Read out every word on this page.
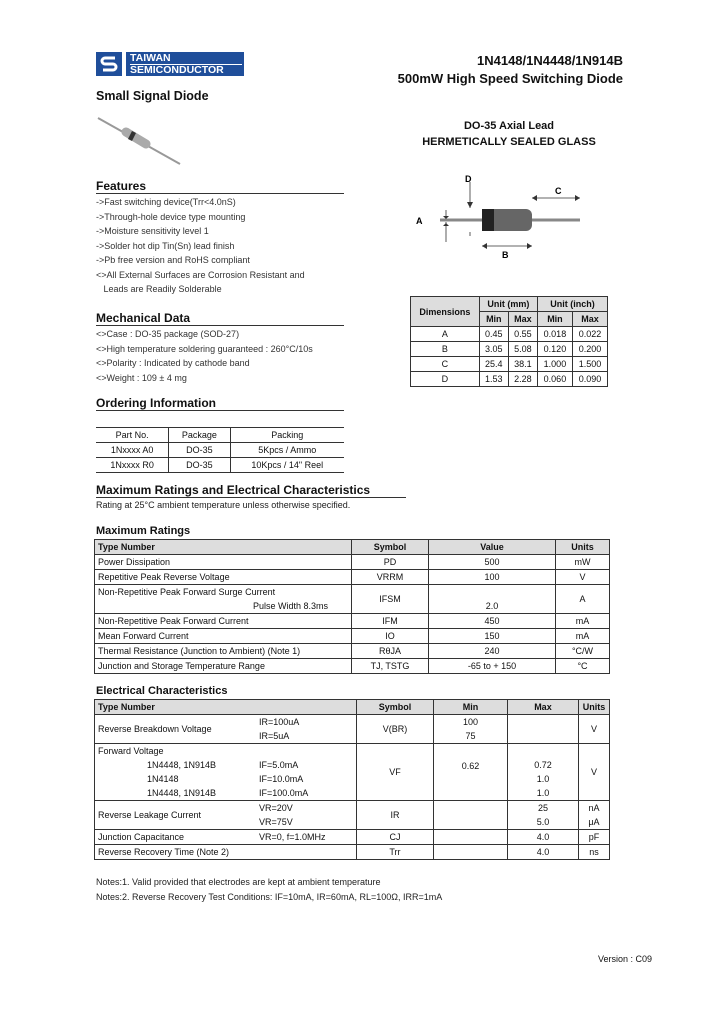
TAIWAN
SEMICONDUCTOR
1N4148/1N4448/1N914B
500mW High Speed Switching Diode
Small Signal Diode
DO-35 Axial Lead
HERMETICALLY SEALED GLASS
D
C
A
B
Dimensions	Unit (mm)		Unit (inch)	
	Min	Max	Min	Max
A	0.45	0.55	0.018	0.022
B	3.05	5.08	0.120	0.200
C	25.4	38.1	1.000	1.500
D	1.53	2.28	0.060	0.090
Features
->Fast switching device(Trr<4.0nS)
->Through-hole device type mounting
->Moisture sensitivity level 1
->Solder hot dip Tin(Sn) lead finish
->Pb free version and RoHS compliant
<>All External Surfaces are Corrosion Resistant and
Leads are Readily Solderable
Mechanical Data
<>Case : DO-35 package (SOD-27)
<>High temperature soldering guaranteed : 260°C/10s
<>Polarity : Indicated by cathode band
<>Weight : 109 ± 4 mg
Ordering Information
Part No.	Package	Packing
1Nxxxx A0	DO-35	5Kpcs / Ammo
1Nxxxx R0	DO-35	10Kpcs / 14" Reel
Maximum Ratings and Electrical Characteristics
Rating at 25°C ambient temperature unless otherwise specified.
Maximum Ratings
Type Number	Symbol	Value	Units
Power Dissipation	PD	500	mW
Repetitive Peak Reverse Voltage	VRRM	100	V

Non-Repetitive Peak Forward Surge Current
Pulse Width 8.3ms	IFSM	2.0	A
Non-Repetitive Peak Forward Current	IFM	450	mA
Mean Forward Current	IO	150	mA
Thermal Resistance (Junction to Ambient) (Note 1)	RθJA	240	°C/W
Junction and Storage Temperature Range	TJ, TSTG	-65 to + 150	°C
Electrical Characteristics
Type Number		Symbol	Min	Max	Units
Reverse Breakdown Voltage	IR=100uA	V(BR)	100		V
	IR=5uA		75		
Forward Voltage		VF	0.62		V
1N4448, 1N914B	IF=5.0mA			0.72	
1N4148	IF=10.0mA			1.0	
1N4448, 1N914B	IF=100.0mA			1.0	
Reverse Leakage Current	VR=20V	IR		25	nA
	VR=75V			5.0	μA
Junction Capacitance	VR=0, f=1.0MHz	CJ		4.0	pF
Reverse Recovery Time (Note 2)		Trr		4.0	ns
Notes:1. Valid provided that electrodes are kept at ambient temperature
Notes:2. Reverse Recovery Test Conditions: IF=10mA, IR=60mA, RL=100Ω, IRR=1mA
Version : C09
